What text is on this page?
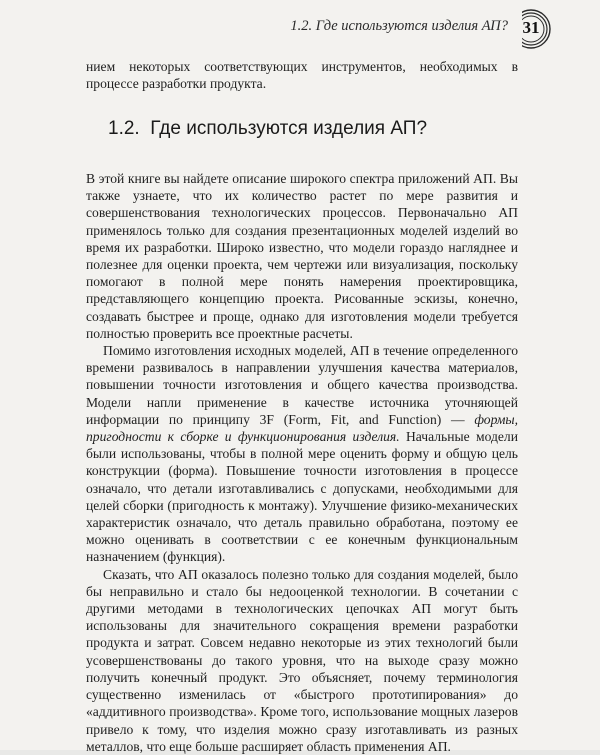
1.2. Где используются изделия АП? 31
нием некоторых соответствующих инструментов, необходимых в процессе разработки продукта.
1.2. Где используются изделия АП?

В этой книге вы найдете описание широкого спектра приложений АП. Вы также узнаете, что их количество растет по мере развития и совершенствования технологических процессов. Первоначально АП применялось только для создания презентационных моделей изделий во время их разработки. Широко известно, что модели гораздо нагляднее и полезнее для оценки проекта, чем чертежи или визуализация, поскольку помогают в полной мере понять намерения проектировщика, представляющего концепцию проекта. Рисованные эскизы, конечно, создавать быстрее и проще, однако для изготовления модели требуется полностью проверить все проектные расчеты.

Помимо изготовления исходных моделей, АП в течение определенного времени развивалось в направлении улучшения качества материалов, повышении точности изготовления и общего качества производства. Модели напли применение в качестве источника уточняющей информации по принципу 3F (Form, Fit, and Function) — формы, пригодности к сборке и функционирования изделия. Начальные модели были использованы, чтобы в полной мере оценить форму и общую цель конструкции (форма). Повышение точности изготовления в процессе означало, что детали изготавливались с допусками, необходимыми для целей сборки (пригодность к монтажу). Улучшение физико-механических характеристик означало, что деталь правильно обработана, поэтому ее можно оценивать в соответствии с ее конечным функциональным назначением (функция).

Сказать, что АП оказалось полезно только для создания моделей, было бы неправильно и стало бы недооценкой технологии. В сочетании с другими методами в технологических цепочках АП могут быть использованы для значительного сокращения времени разработки продукта и затрат. Совсем недавно некоторые из этих технологий были усовершенствованы до такого уровня, что на выходе сразу можно получить конечный продукт. Это объясняет, почему терминология существенно изменилась от «быстрого прототипирования» до «аддитивного производства». Кроме того, использование мощных лазеров привело к тому, что изделия можно сразу изготавливать из разных металлов, что еще больше расширяет область применения АП.
